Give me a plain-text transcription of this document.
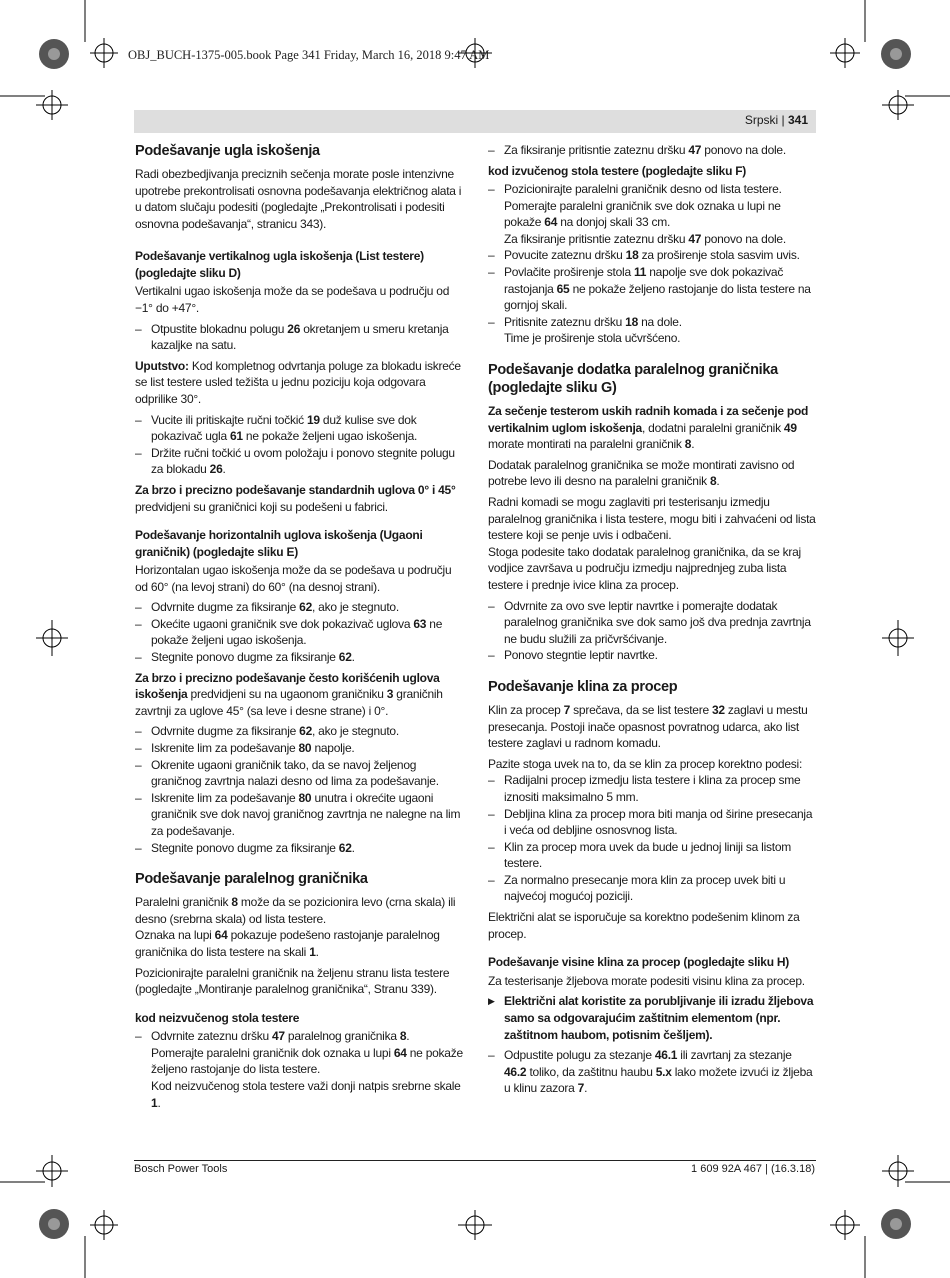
OBJ_BUCH-1375-005.book Page 341 Friday, March 16, 2018 9:47 AM
Srpski | 341
Podešavanje ugla iskošenja

Radi obezbedjivanja preciznih sečenja morate posle intenzivne upotrebe prekontrolisati osnovna podešavanja električnog alata i u datom slučaju podesiti (pogledajte „Prekontrolisati i podesiti osnovna podešavanja“, stranicu 343).

Podešavanje vertikalnog ugla iskošenja (List testere) (pogledajte sliku D)

Vertikalni ugao iskošenja može da se podešava u području od −1° do +47°.

– Otpustite blokadnu polugu 26 okretanjem u smeru kretanja kazaljke na satu.

Uputstvo: Kod kompletnog odvrtanja poluge za blokadu iskreće se list testere usled težišta u jednu poziciju koja odgovara odprilike 30°.

– Vucite ili pritiskajte ručni točkić 19 duž kulise sve dok pokazivač ugla 61 ne pokaže željeni ugao iskošenja.
– Držite ručni točkić u ovom položaju i ponovo stegnite polugu za blokadu 26.

Za brzo i precizno podešavanje standardnih uglova 0° i 45° predvidjeni su graničnici koji su podešeni u fabrici.

Podešavanje horizontalnih uglova iskošenja (Ugaoni graničnik) (pogledajte sliku E)

Horizontalan ugao iskošenja može da se podešava u području od 60° (na levoj strani) do 60° (na desnoj strani).

– Odvrnite dugme za fiksiranje 62, ako je stegnuto.
– Okećite ugaoni graničnik sve dok pokazivač uglova 63 ne pokaže željeni ugao iskošenja.
– Stegnite ponovo dugme za fiksiranje 62.

Za brzo i precizno podešavanje često korišćenih uglova iskošenja predvidjeni su na ugaonom graničniku 3 graničnih zavrtnji za uglove 45° (sa leve i desne strane) i 0°.

– Odvrnite dugme za fiksiranje 62, ako je stegnuto.
– Iskrenite lim za podešavanje 80 napolje.
– Okrenite ugaoni graničnik tako, da se navoj željenog graničnog zavrtnja nalazi desno od lima za podešavanje.
– Iskrenite lim za podešavanje 80 unutra i okrećite ugaoni graničnik sve dok navoj graničnog zavrtnja ne nalegne na lim za podešavanje.
– Stegnite ponovo dugme za fiksiranje 62.
Podešavanje paralelnog graničnika

Paralelni graničnik 8 može da se pozicionira levo (crna skala) ili desno (srebrna skala) od lista testere.
Oznaka na lupi 64 pokazuje podešeno rastojanje paralelnog graničnika do lista testere na skali 1.

Pozicionirajte paralelni graničnik na željenu stranu lista testere (pogledajte „Montiranje paralelnog graničnika“, Stranu 339).

kod neizvučenog stola testere
– Odvrnite zateznu dršku 47 paralelnog graničnika 8.
Pomerajte paralelni graničnik dok oznaka u lupi 64 ne pokaže željeno rastojanje do lista testere.
Kod neizvučenog stola testere važi donji natpis srebrne skale 1.
– Za fiksiranje pritisntie zateznu dršku 47 ponovo na dole.
kod izvučenog stola testere (pogledajte sliku F)
– Pozicionirajte paralelni graničnik desno od lista testere.
Pomerajte paralelni graničnik sve dok oznaka u lupi ne pokaže 64 na donjoj skali 33 cm.
Za fiksiranje pritisntie zateznu dršku 47 ponovo na dole.
– Povucite zateznu dršku 18 za proširenje stola sasvim uvis.
– Povlačite proširenje stola 11 napolje sve dok pokazivač rastojanja 65 ne pokaže željeno rastojanje do lista testere na gornjoj skali.
– Pritisnite zateznu dršku 18 na dole.
Time je proširenje stola učvršćeno.
Podešavanje dodatka paralelnog graničnika (pogledajte sliku G)

Za sečenje testerom uskih radnih komada i za sečenje pod vertikalnim uglom iskošenja, dodatni paralelni graničnik 49 morate montirati na paralelni graničnik 8.

Dodatak paralelnog graničnika se može montirati zavisno od potrebe levo ili desno na paralelni graničnik 8.

Radni komadi se mogu zaglaviti pri testerisanju izmedju paralelnog graničnika i lista testere, mogu biti i zahvaćeni od lista testere koji se penje uvis i odbačeni.
Stoga podesite tako dodatak paralelnog graničnika, da se kraj vodjice završava u području izmedju najprednjeg zuba lista testere i prednje ivice klina za procep.

– Odvrnite za ovo sve leptir navrtke i pomerajte dodatak paralelnog graničnika sve dok samo još dva prednja zavrtnja ne budu služili za pričvršćivanje.
– Ponovo stegntie leptir navrtke.
Podešavanje klina za procep

Klin za procep 7 sprečava, da se list testere 32 zaglavi u mestu presecanja. Postoji inače opasnost povratnog udarca, ako list testere zaglavi u radnom komadu.

Pazite stoga uvek na to, da se klin za procep korektno podesi:

– Radijalni procep izmedju lista testere i klina za procep sme iznositi maksimalno 5 mm.
– Debljina klina za procep mora biti manja od širine presecanja i veća od debljine osnosvnog lista.
– Klin za procep mora uvek da bude u jednoj liniji sa listom testere.
– Za normalno presecanje mora klin za procep uvek biti u najvećoj mogućoj poziciji.

Električni alat se isporučuje sa korektno podešenim klinom za procep.

Podešavanje visine klina za procep (pogledajte sliku H)

Za testerisanje žljebova morate podesiti visinu klina za procep.

▶ Električni alat koristite za porubljivanje ili izradu žljebova samo sa odgovarajućim zaštitnim elementom (npr. zaštitnom haubom, potisnim češljem).
– Odpustite polugu za stezanje 46.1 ili zavrtanj za stezanje 46.2 toliko, da zaštitnu haubu 5.x lako možete izvući iz žljeba u klinu zazora 7.
Bosch Power Tools	1 609 92A 467 | (16.3.18)
